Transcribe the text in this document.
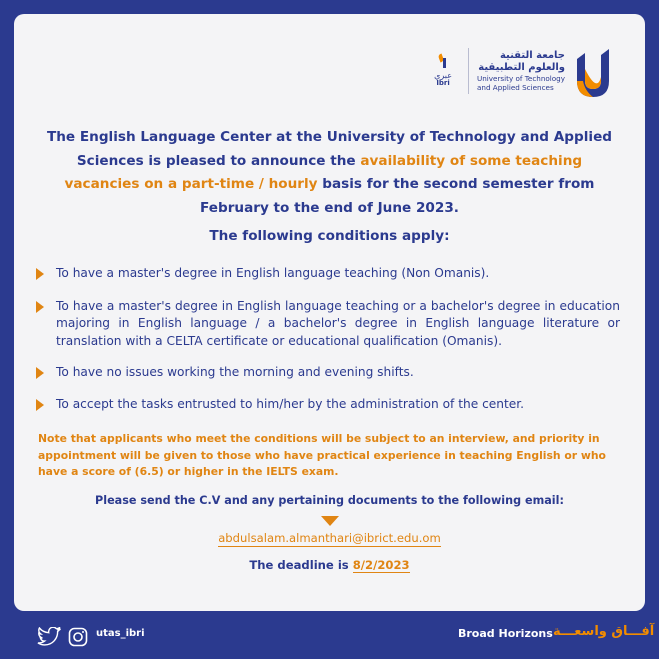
عبري
Ibri
جامعة التقنية
والعلوم التطبيقية
University of Technology
and Applied Sciences
The English Language Center at the University of Technology and Applied Sciences is pleased to announce the availability of some teaching vacancies on a part-time / hourly basis for the second semester from February to the end of June 2023.
The following conditions apply:
To have a master's degree in English language teaching (Non Omanis).
To have a master's degree in English language teaching or a bachelor's degree in education majoring in English language / a bachelor's degree in English language literature or translation with a CELTA certificate or educational qualification (Omanis).
To have no issues working the morning and evening shifts.
To accept the tasks entrusted to him/her by the administration of the center.
Note that applicants who meet the conditions will be subject to an interview, and priority in appointment will be given to those who have practical experience in teaching English or who have a score of (6.5) or higher in the IELTS exam.
Please send the C.V and any pertaining documents to the following email:
abdulsalam.almanthari@ibrict.edu.om
The deadline is 8/2/2023
utas_ibri	Broad Horizons آفـــاق واسعـــة
